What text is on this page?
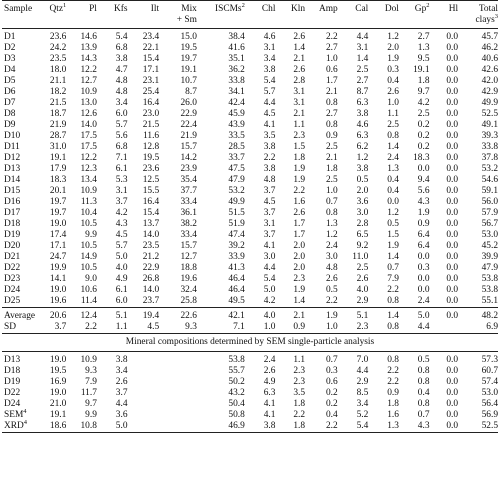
Sample	Qtz$^1$	Pl	Kfs	Ilt	Mix	ISCMs$^2$	Chl	Kln	Amp	Cal	Dol	Gp$^2$	Hl	Total
					+ Sm									clays$^3$
D1	23.6	14.6	5.4	23.4	15.0	38.4	4.6	2.6	2.2	4.4	1.2	2.7	0.0	45.7
D2	24.2	13.9	6.8	22.1	19.5	41.6	3.1	1.4	2.7	3.1	2.0	1.3	0.0	46.2
D3	23.5	14.3	3.8	15.4	19.7	35.1	3.4	2.1	1.0	1.4	1.9	9.5	0.0	40.6
D4	18.0	12.2	4.7	17.1	19.1	36.2	3.8	2.6	0.6	2.5	0.3	19.1	0.0	42.6
D5	21.1	12.7	4.8	23.1	10.7	33.8	5.4	2.8	1.7	2.7	0.4	1.8	0.0	42.0
D6	18.2	10.9	4.8	25.4	8.7	34.1	5.7	3.1	2.1	8.7	2.6	9.7	0.0	42.9
D7	21.5	13.0	3.4	16.4	26.0	42.4	4.4	3.1	0.8	6.3	1.0	4.2	0.0	49.9
D8	18.7	12.6	6.0	23.0	22.9	45.9	4.5	2.1	2.7	3.8	1.1	2.5	0.0	52.5
D9	21.9	14.0	5.7	21.5	22.4	43.9	4.1	1.1	0.8	4.6	2.5	0.2	0.0	49.1
D10	28.7	17.5	5.6	11.6	21.9	33.5	3.5	2.3	0.9	6.3	0.8	0.2	0.0	39.3
D11	31.0	17.5	6.8	12.8	15.7	28.5	3.8	1.5	2.5	6.2	1.4	0.2	0.0	33.8
D12	19.1	12.2	7.1	19.5	14.2	33.7	2.2	1.8	2.1	1.2	2.4	18.3	0.0	37.8
D13	17.9	12.3	6.1	23.6	23.9	47.5	3.8	1.9	1.8	3.8	1.3	0.0	0.0	53.2
D14	18.3	13.4	5.3	12.5	35.4	47.9	4.8	1.9	2.5	0.5	0.4	9.4	0.0	54.6
D15	20.1	10.9	3.1	15.5	37.7	53.2	3.7	2.2	1.0	2.0	0.4	5.6	0.0	59.1
D16	19.7	11.3	3.7	16.4	33.4	49.9	4.5	1.6	0.7	3.6	0.0	4.3	0.0	56.0
D17	19.7	10.4	4.2	15.4	36.1	51.5	3.7	2.6	0.8	3.0	1.2	1.9	0.0	57.9
D18	19.0	10.5	4.3	13.7	38.2	51.9	3.1	1.7	1.3	2.8	0.5	0.9	0.0	56.7
D19	17.4	9.9	4.5	14.0	33.4	47.4	3.7	1.7	1.2	6.5	1.5	6.4	0.0	53.0
D20	17.1	10.5	5.7	23.5	15.7	39.2	4.1	2.0	2.4	9.2	1.9	6.4	0.0	45.2
D21	24.7	14.9	5.0	21.2	12.7	33.9	3.0	2.0	3.0	11.0	1.4	0.0	0.0	39.9
D22	19.9	10.5	4.0	22.9	18.8	41.3	4.4	2.0	4.8	2.5	0.7	0.3	0.0	47.9
D23	14.1	9.0	4.9	26.8	19.6	46.4	5.4	2.3	2.6	2.6	7.9	0.0	0.0	53.8
D24	19.0	10.6	6.1	14.0	32.4	46.4	5.0	1.9	0.5	4.0	2.2	0.0	0.0	53.8
D25	19.6	11.4	6.0	23.7	25.8	49.5	4.2	1.4	2.2	2.9	0.8	2.4	0.0	55.1
Average	20.6	12.4	5.1	19.4	22.6	42.1	4.0	2.1	1.9	5.1	1.4	5.0	0.0	48.2
SD	3.7	2.2	1.1	4.5	9.3	7.1	1.0	0.9	1.0	2.3	0.8	4.4		6.9
Mineral compositions determined by SEM single-particle analysis														
D13	19.0	10.9	3.8			53.8	2.4	1.1	0.7	7.0	0.8	0.5	0.0	57.3
D18	19.5	9.3	3.4			55.7	2.6	2.3	0.3	4.4	2.2	0.8	0.0	60.7
D19	16.9	7.9	2.6			50.2	4.9	2.3	0.6	2.9	2.2	0.8	0.0	57.4
D22	19.0	11.7	3.7			43.2	6.3	3.5	0.2	8.5	0.9	0.4	0.0	53.0
D24	21.0	9.7	4.4			50.4	4.1	1.8	0.2	3.4	1.8	0.8	0.0	56.4
SEM$^4$	19.1	9.9	3.6			50.8	4.1	2.2	0.4	5.2	1.6	0.7	0.0	56.9
XRD$^4$	18.6	10.8	5.0			46.9	3.8	1.8	2.2	5.4	1.3	4.3	0.0	52.5
